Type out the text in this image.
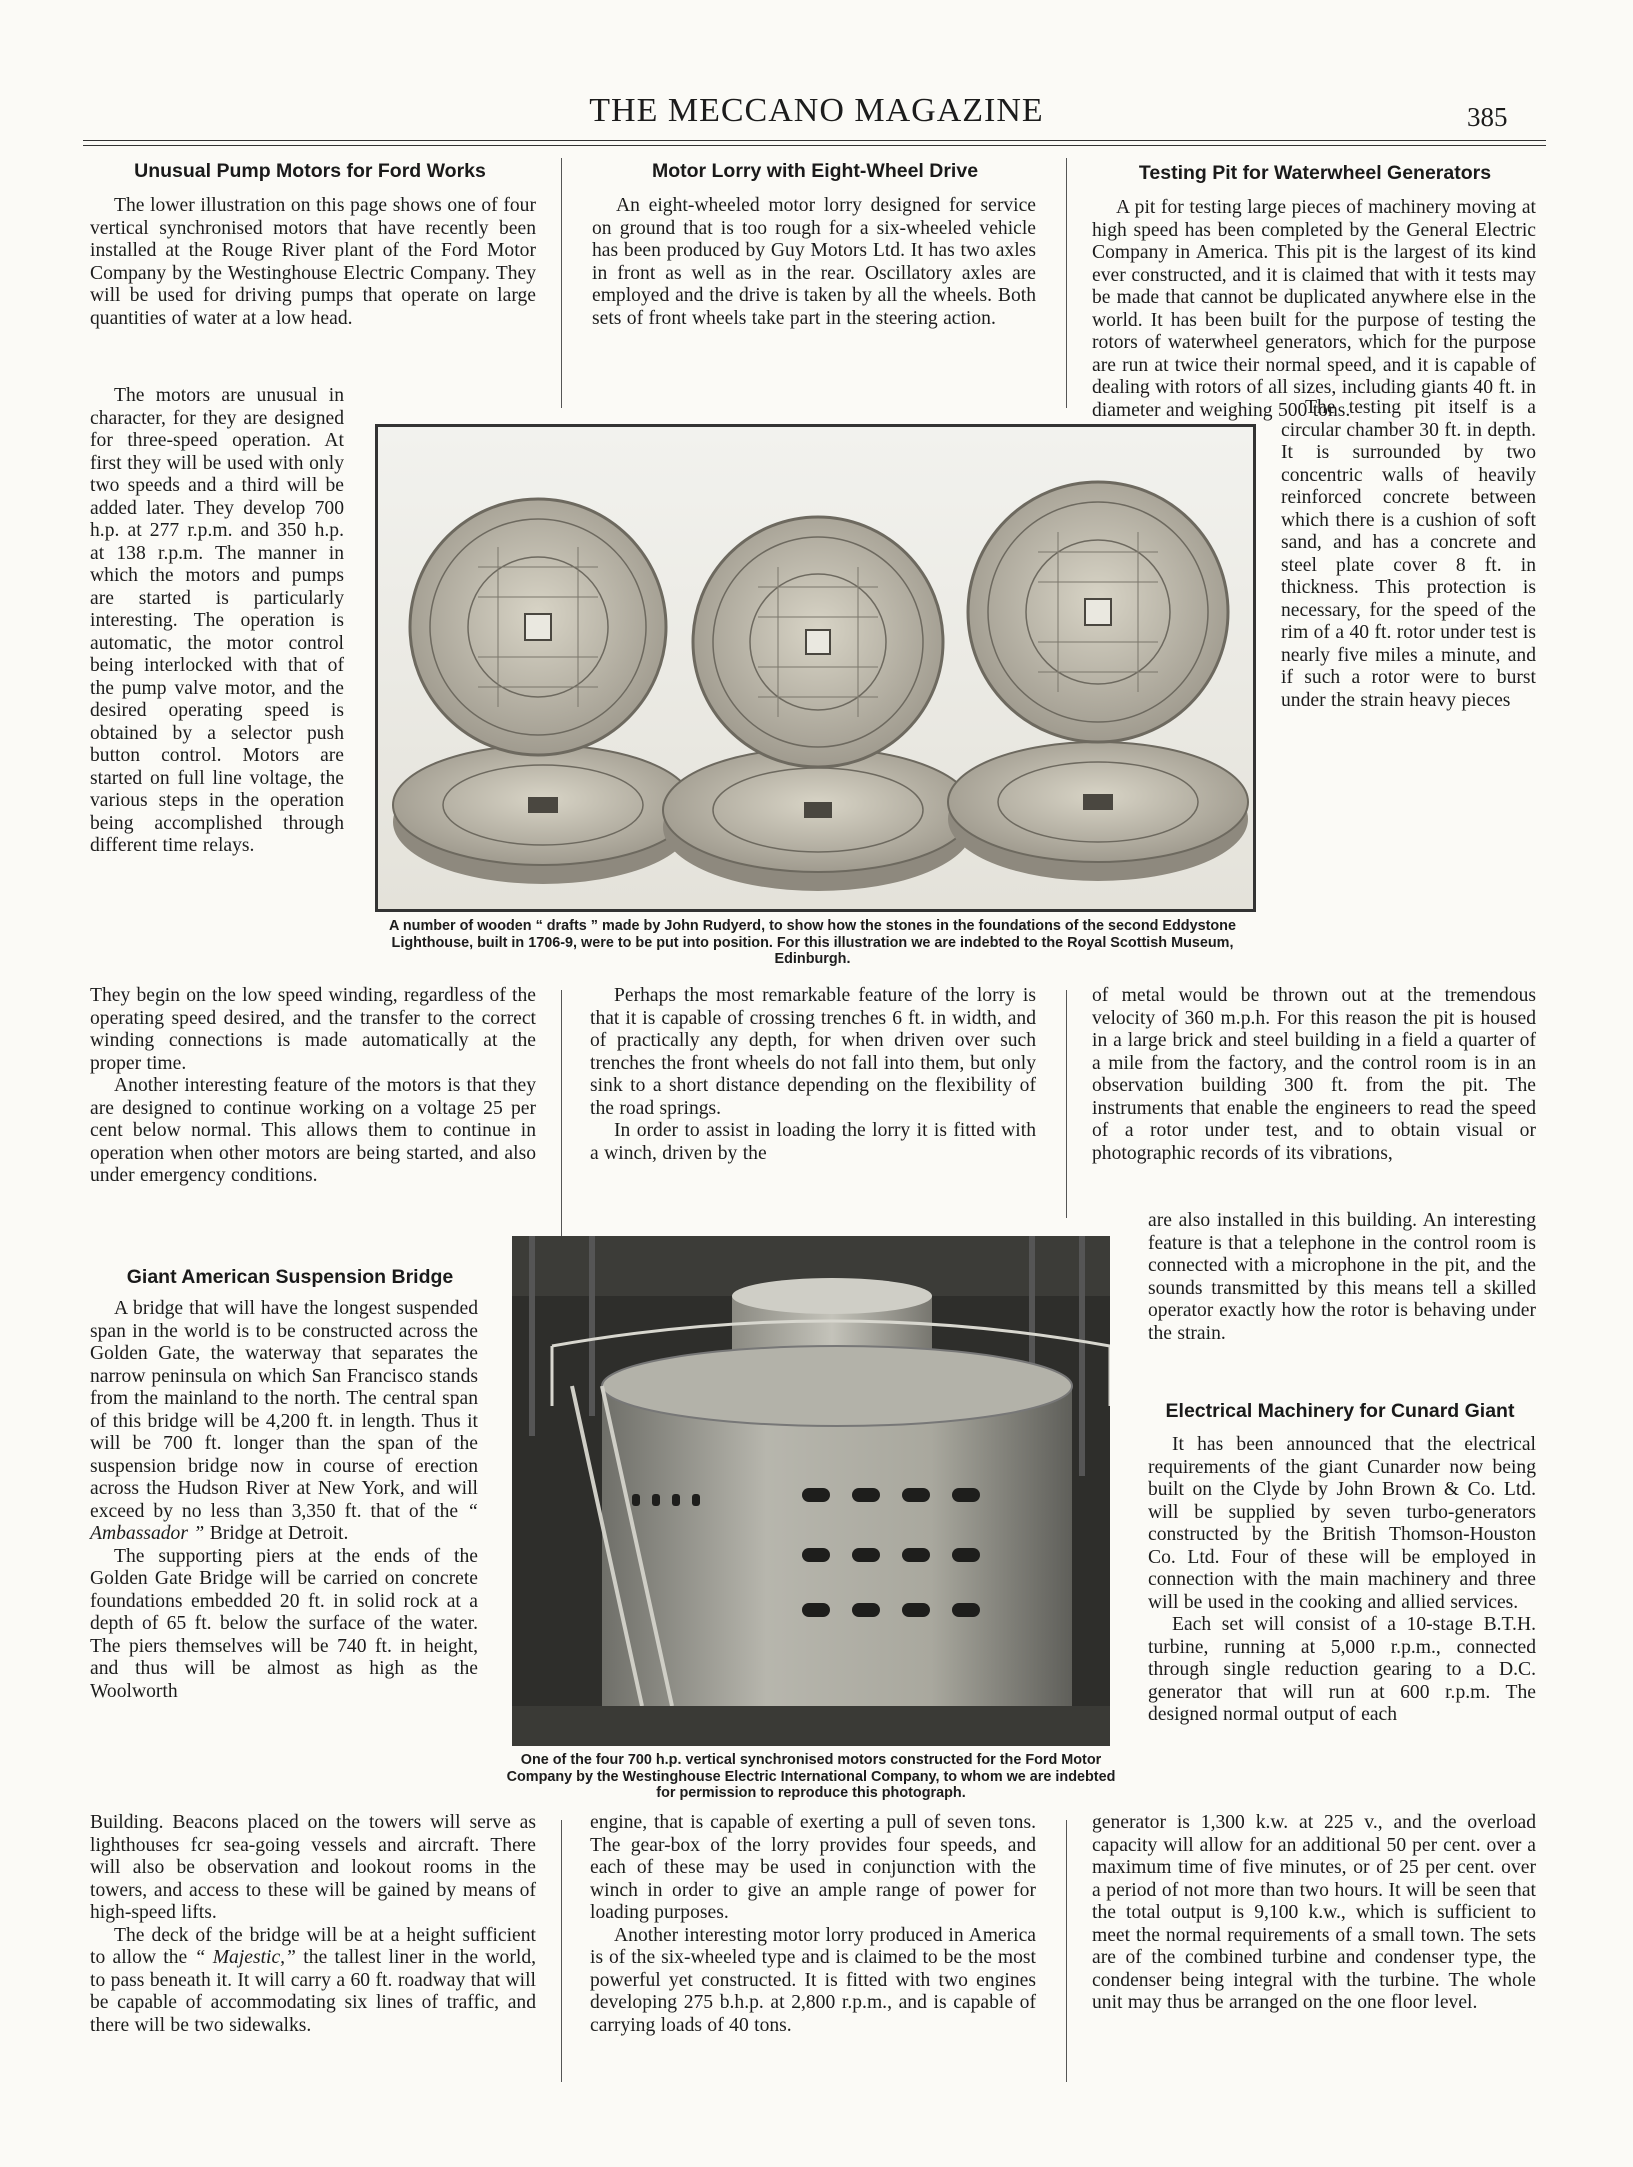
THE MECCANO MAGAZINE	385
Unusual Pump Motors for Ford Works

The lower illustration on this page shows one of four vertical synchronised motors that have recently been installed at the Rouge River plant of the Ford Motor Company by the Westinghouse Electric Company. They will be used for driving pumps that operate on large quantities of water at a low head.

The motors are unusual in character, for they are designed for three-speed operation. At first they will be used with only two speeds and a third will be added later. They develop 700 h.p. at 277 r.p.m. and 350 h.p. at 138 r.p.m. The manner in which the motors and pumps are started is particularly interesting. The operation is automatic, the motor control being interlocked with that of the pump valve motor, and the desired operating speed is obtained by a selector push button control. Motors are started on full line voltage, the various steps in the operation being accomplished through different time relays.

They begin on the low speed winding, regardless of the operating speed desired, and the transfer to the correct winding connections is made automatically at the proper time.

Another interesting feature of the motors is that they are designed to continue working on a voltage 25 per cent below normal. This allows them to continue in operation when other motors are being started, and also under emergency conditions.

Giant American Suspension Bridge

A bridge that will have the longest suspended span in the world is to be constructed across the Golden Gate, the waterway that separates the narrow peninsula on which San Francisco stands from the mainland to the north. The central span of this bridge will be 4,200 ft. in length. Thus it will be 700 ft. longer than the span of the suspension bridge now in course of erection across the Hudson River at New York, and will exceed by no less than 3,350 ft. that of the “ Ambassador ” Bridge at Detroit.

The supporting piers at the ends of the Golden Gate Bridge will be carried on concrete foundations embedded 20 ft. in solid rock at a depth of 65 ft. below the surface of the water. The piers themselves will be 740 ft. in height, and thus will be almost as high as the Woolworth

Building. Beacons placed on the towers will serve as lighthouses fcr sea-going vessels and aircraft. There will also be observation and lookout rooms in the towers, and access to these will be gained by means of high-speed lifts.

The deck of the bridge will be at a height sufficient to allow the “ Majestic,” the tallest liner in the world, to pass beneath it. It will carry a 60 ft. roadway that will be capable of accommodating six lines of traffic, and there will be two sidewalks.

Motor Lorry with Eight-Wheel Drive

An eight-wheeled motor lorry designed for service on ground that is too rough for a six-wheeled vehicle has been produced by Guy Motors Ltd. It has two axles in front as well as in the rear. Oscillatory axles are employed and the drive is taken by all the wheels. Both sets of front wheels take part in the steering action.

Perhaps the most remarkable feature of the lorry is that it is capable of crossing trenches 6 ft. in width, and of practically any depth, for when driven over such trenches the front wheels do not fall into them, but only sink to a short distance depending on the flexibility of the road springs.

In order to assist in loading the lorry it is fitted with a winch, driven by the

engine, that is capable of exerting a pull of seven tons. The gear-box of the lorry provides four speeds, and each of these may be used in conjunction with the winch in order to give an ample range of power for loading purposes.

Another interesting motor lorry produced in America is of the six-wheeled type and is claimed to be the most powerful yet constructed. It is fitted with two engines developing 275 b.h.p. at 2,800 r.p.m., and is capable of carrying loads of 40 tons.

Testing Pit for Waterwheel Generators

A pit for testing large pieces of machinery moving at high speed has been completed by the General Electric Company in America. This pit is the largest of its kind ever constructed, and it is claimed that with it tests may be made that cannot be duplicated anywhere else in the world. It has been built for the purpose of testing the rotors of waterwheel generators, which for the purpose are run at twice their normal speed, and it is capable of dealing with rotors of all sizes, including giants 40 ft. in diameter and weighing 500 tons.

of metal would be thrown out at the tremendous velocity of 360 m.p.h. For this reason the pit is housed in a large brick and steel building in a field a quarter of a mile from the factory, and the control room is in an observation building 300 ft. from the pit. The instruments that enable the engineers to read the speed of a rotor under test, and to obtain visual or photographic records of its vibrations,

are also installed in this building. An interesting feature is that a telephone in the control room is connected with a microphone in the pit, and the sounds transmitted by this means tell a skilled operator exactly how the rotor is behaving under the strain.

Electrical Machinery for Cunard Giant

It has been announced that the electrical requirements of the giant Cunarder now being built on the Clyde by John Brown & Co. Ltd. will be supplied by seven turbo-generators constructed by the British Thomson-Houston Co. Ltd. Four of these will be employed in connection with the main machinery and three will be used in the cooking and allied services.

Each set will consist of a 10-stage B.T.H. turbine, running at 5,000 r.p.m., connected through single reduction gearing to a D.C. generator that will run at 600 r.p.m. The designed normal output of each

generator is 1,300 k.w. at 225 v., and the overload capacity will allow for an additional 50 per cent. over a maximum time of five minutes, or of 25 per cent. over a period of not more than two hours. It will be seen that the total output is 9,100 k.w., which is sufficient to meet the normal requirements of a small town. The sets are of the combined turbine and condenser type, the condenser being integral with the turbine. The whole unit may thus be arranged on the one floor level.

A number of wooden “ drafts ” made by John Rudyerd, to show how the stones in the foundations of the second Eddystone Lighthouse, built in 1706-9, were to be put into position. For this illustration we are indebted to the Royal Scottish Museum, Edinburgh.

The testing pit itself is a circular chamber 30 ft. in depth. It is surrounded by two concentric walls of heavily reinforced concrete between which there is a cushion of soft sand, and has a concrete and steel plate cover 8 ft. in thickness. This protection is necessary, for the speed of the rim of a 40 ft. rotor under test is nearly five miles a minute, and if such a rotor were to burst under the strain heavy pieces

One of the four 700 h.p. vertical synchronised motors constructed for the Ford Motor Company by the Westinghouse Electric International Company, to whom we are indebted for permission to reproduce this photograph.
